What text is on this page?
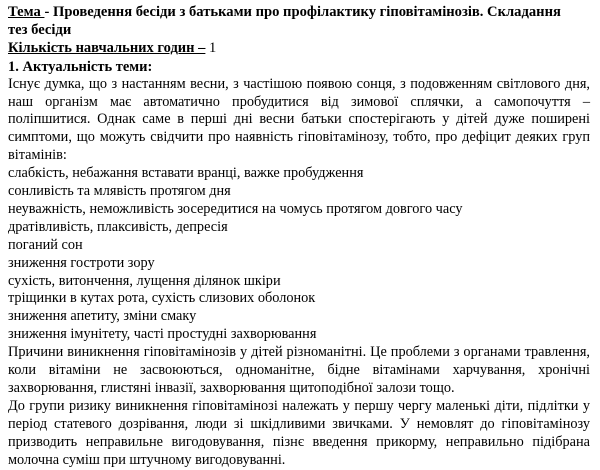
Тема - Проведення бесіди з батьками про профілактику гіповітамінозів. Складання

тез бесіди

Кількість навчальних годин – 1

1. Актуальність теми:

Існує думка, що з настанням весни, з частішою появою сонця, з подовженням світлового дня, наш організм має автоматично пробудитися від зимової сплячки, а самопочуття – поліпшитися. Однак саме в перші дні весни батьки спостерігають у дітей дуже поширені симптоми, що можуть свідчити про наявність гіповітамінозу, тобто, про дефіцит деяких груп вітамінів:

слабкість, небажання вставати вранці, важке пробудження

сонливість та млявість протягом дня

неуважність, неможливість зосередитися на чомусь протягом довгого часу

дратівливість, плаксивість, депресія

поганий сон

зниження гостроти зору

сухість, витончення, лущення ділянок шкіри

тріщинки в кутах рота, сухість слизових оболонок

зниження апетиту, зміни смаку

зниження імунітету, часті простудні захворювання

Причини виникнення гіповітамінозів у дітей різноманітні. Це проблеми з органами травлення, коли вітаміни не засвоюються, одноманітне, бідне вітамінами харчування, хронічні захворювання, глистяні інвазії, захворювання щитоподібної залози тощо.

До групи ризику виникнення гіповітамінозі належать у першу чергу маленькі діти, підлітки у період статевого дозрівання, люди зі шкідливими звичками. У немовлят до гіповітамінозу призводить неправильне вигодовування, пізнє введення прикорму, неправильно підібрана молочна суміш при штучному вигодовуванні.
